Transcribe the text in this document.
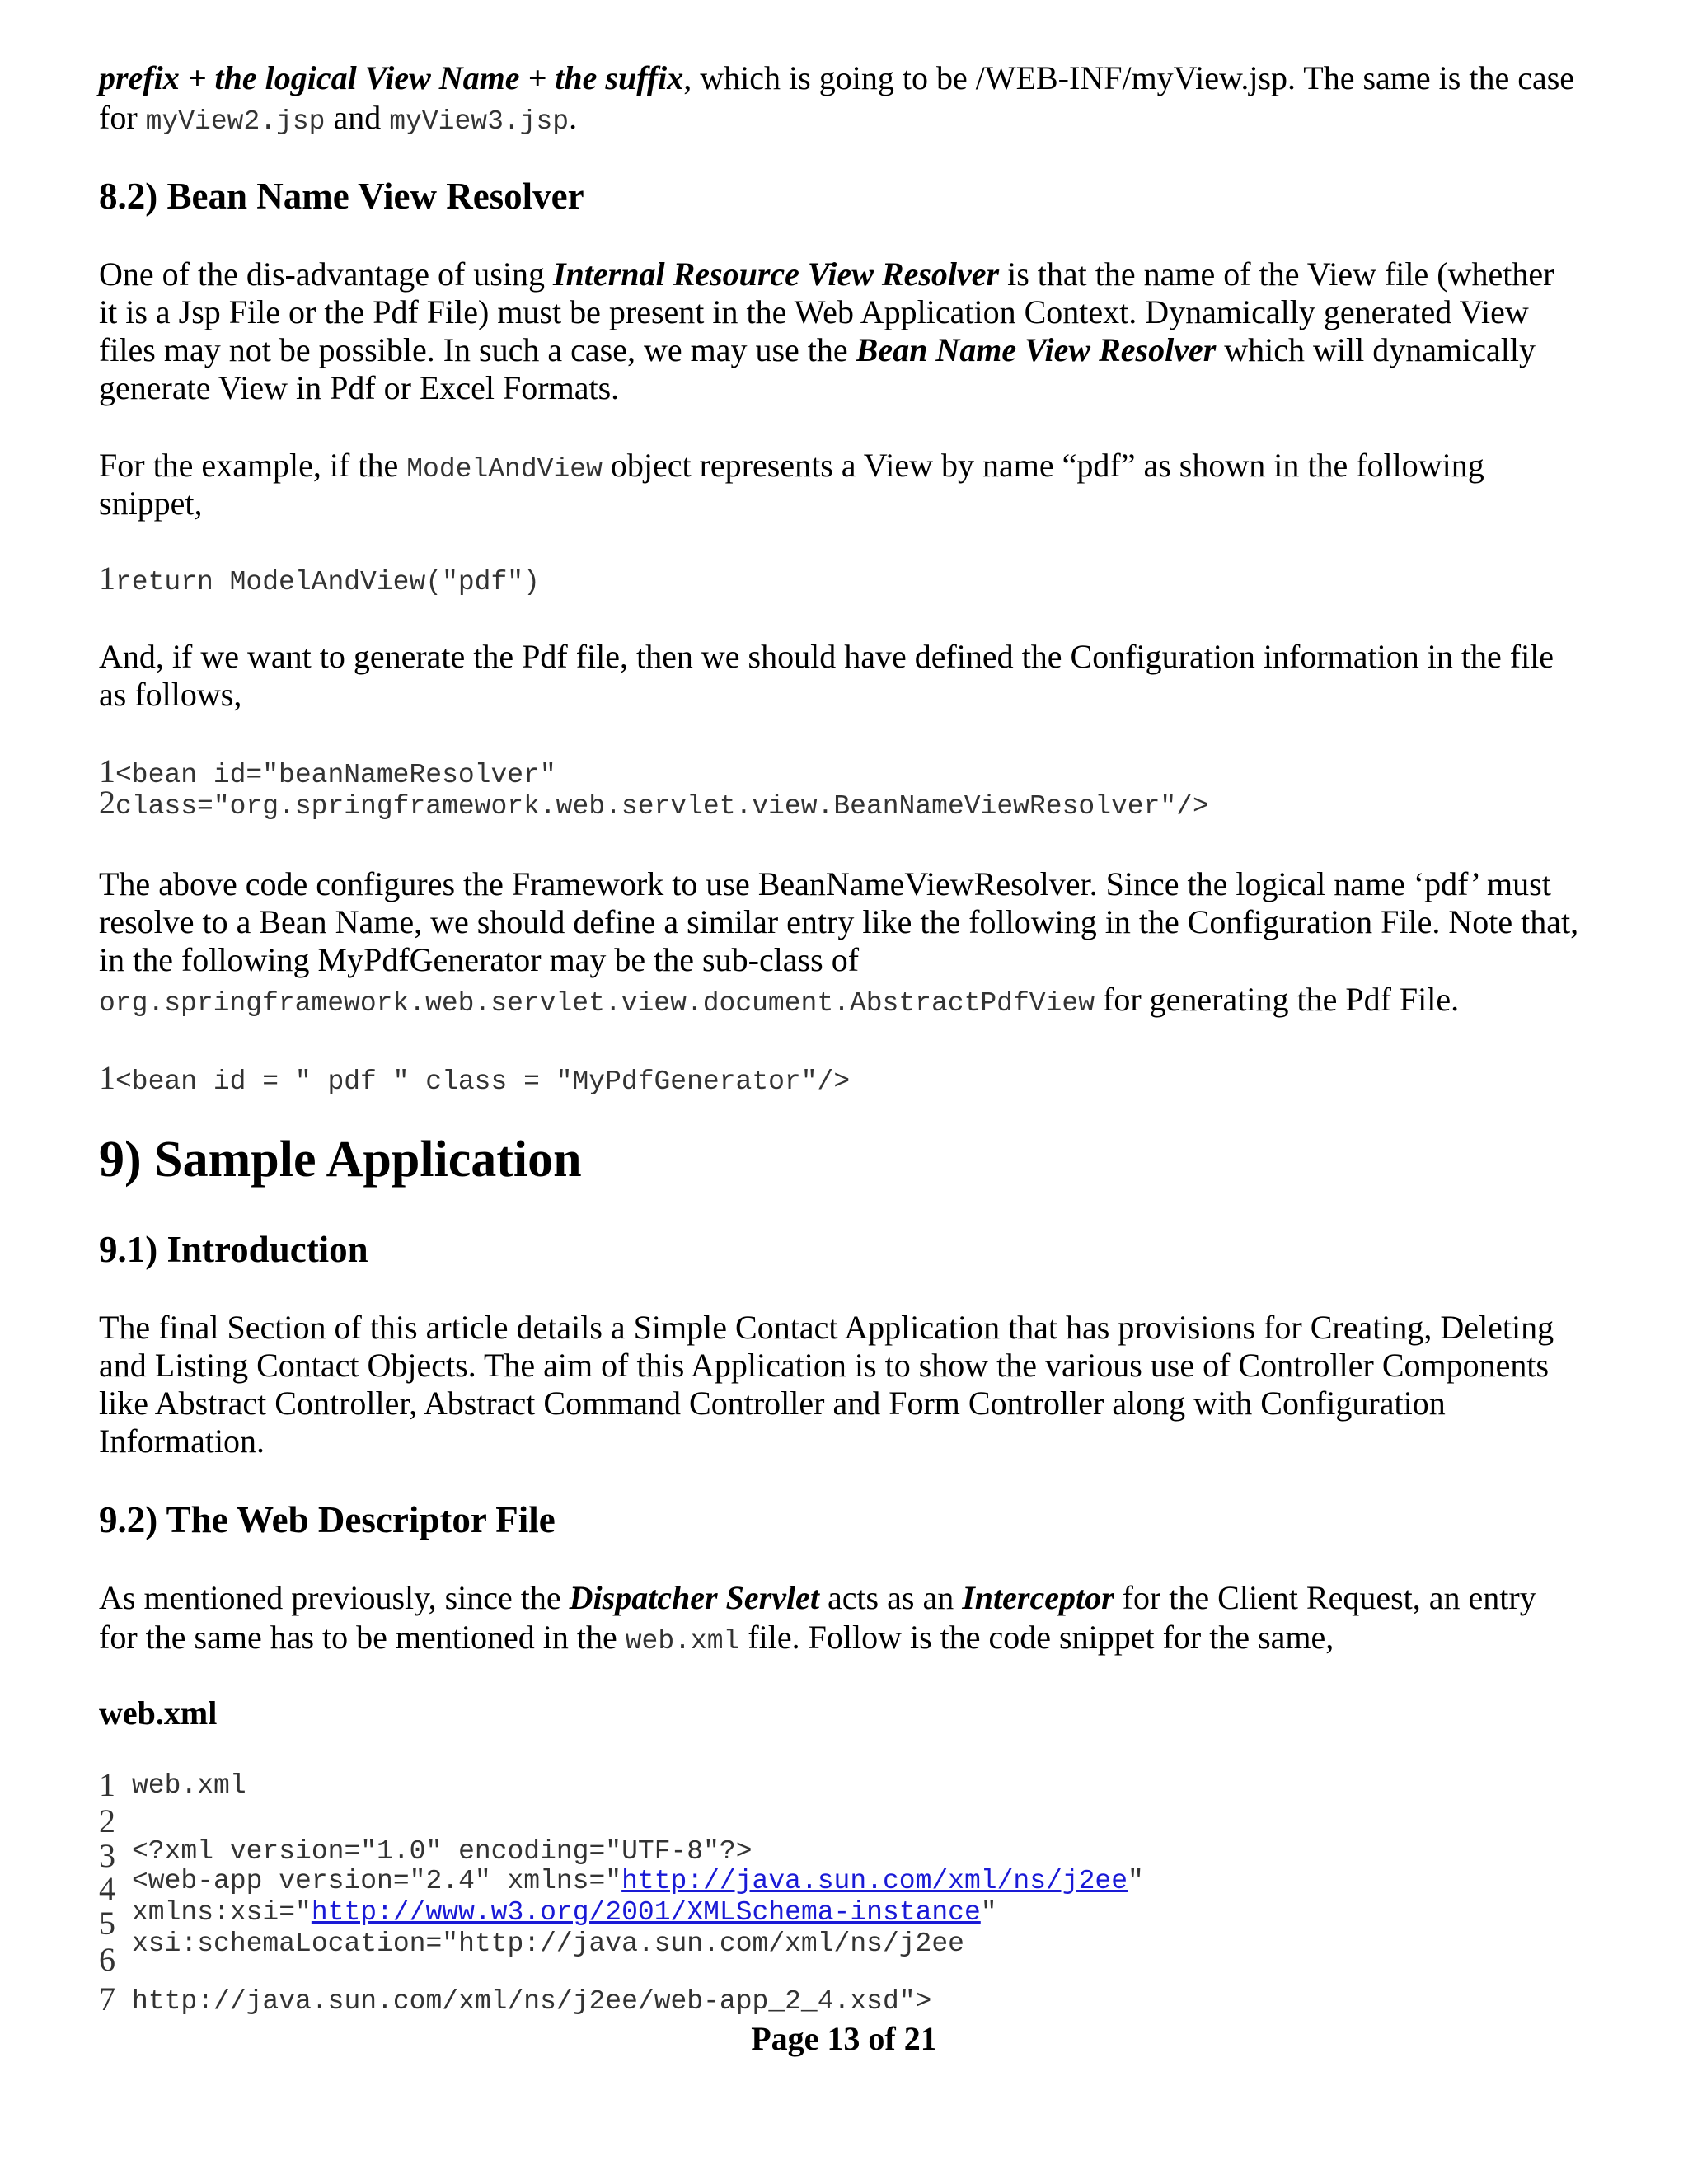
prefix + the logical View Name + the suffix, which is going to be /WEB-INF/myView.jsp. The same is the case
for myView2.jsp and myView3.jsp.
8.2) Bean Name View Resolver
One of the dis-advantage of using Internal Resource View Resolver is that the name of the View file (whether
it is a Jsp File or the Pdf File) must be present in the Web Application Context. Dynamically generated View
files may not be possible. In such a case, we may use the Bean Name View Resolver which will dynamically
generate View in Pdf or Excel Formats.
For the example, if the ModelAndView object represents a View by name “pdf” as shown in the following
snippet,
1return ModelAndView("pdf")
And, if we want to generate the Pdf file, then we should have defined the Configuration information in the file
as follows,
1<bean id="beanNameResolver"
2class="org.springframework.web.servlet.view.BeanNameViewResolver"/>
The above code configures the Framework to use BeanNameViewResolver. Since the logical name ‘pdf’ must
resolve to a Bean Name, we should define a similar entry like the following in the Configuration File. Note that,
in the following MyPdfGenerator may be the sub-class of
org.springframework.web.servlet.view.document.AbstractPdfView for generating the Pdf File.
1<bean id = " pdf " class = "MyPdfGenerator"/>
9) Sample Application
9.1) Introduction
The final Section of this article details a Simple Contact Application that has provisions for Creating, Deleting
and Listing Contact Objects. The aim of this Application is to show the various use of Controller Components
like Abstract Controller, Abstract Command Controller and Form Controller along with Configuration
Information.
9.2) The Web Descriptor File
As mentioned previously, since the Dispatcher Servlet acts as an Interceptor for the Client Request, an entry
for the same has to be mentioned in the web.xml file. Follow is the code snippet for the same,
web.xml
1 web.xml
2
3 <?xml version="1.0" encoding="UTF-8"?>
4 <web-app version="2.4" xmlns="http://java.sun.com/xml/ns/j2ee"
5 xmlns:xsi="http://www.w3.org/2001/XMLSchema-instance"
xsi:schemaLocation="http://java.sun.com/xml/ns/j2ee
6
7 http://java.sun.com/xml/ns/j2ee/web-app_2_4.xsd">
Page 13 of 21
